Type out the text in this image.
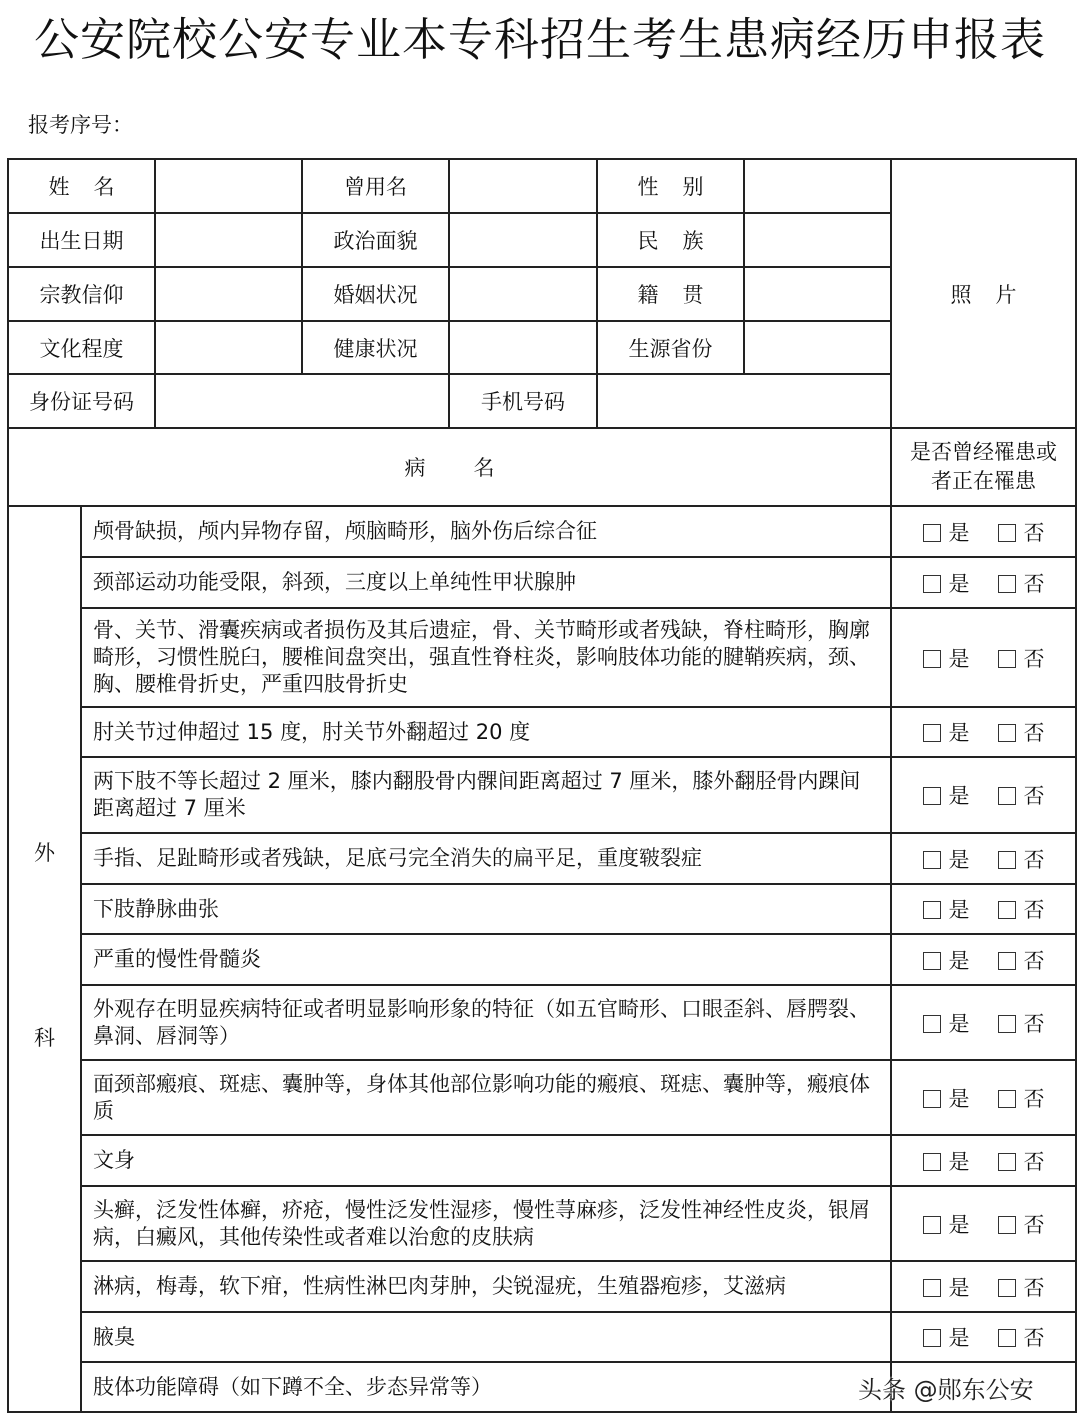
公安院校公安专业本专科招生考生患病经历申报表
报考序号：
姓名		曾用名		性别		照片
出生日期		政治面貌		民族		
宗教信仰		婚姻状况		籍贯		
文化程度		健康状况		生源省份		
身份证号码			手机号码			
病名		是否曾经罹患或者正在罹患

外
科	颅骨缺损，颅内异物存留，颅脑畸形，脑外伤后综合征	是 否
	颈部运动功能受限，斜颈，三度以上单纯性甲状腺肿	是 否
	骨、关节、滑囊疾病或者损伤及其后遗症，骨、关节畸形或者残缺，脊柱畸形，胸廓畸形，习惯性脱臼，腰椎间盘突出，强直性脊柱炎，影响肢体功能的腱鞘疾病，颈、胸、腰椎骨折史，严重四肢骨折史	是 否
	肘关节过伸超过 15 度，肘关节外翻超过 20 度	是 否
	两下肢不等长超过 2 厘米，膝内翻股骨内髁间距离超过 7 厘米，膝外翻胫骨内踝间距离超过 7 厘米	是 否
	手指、足趾畸形或者残缺，足底弓完全消失的扁平足，重度皲裂症	是 否
	下肢静脉曲张	是 否
	严重的慢性骨髓炎	是 否
	外观存在明显疾病特征或者明显影响形象的特征（如五官畸形、口眼歪斜、唇腭裂、鼻洞、唇洞等）	是 否
	面颈部瘢痕、斑痣、囊肿等，身体其他部位影响功能的瘢痕、斑痣、囊肿等，瘢痕体质	是 否
	文身	是 否
	头癣，泛发性体癣，疥疮，慢性泛发性湿疹，慢性荨麻疹，泛发性神经性皮炎，银屑病，白癜风，其他传染性或者难以治愈的皮肤病	是 否
	淋病，梅毒，软下疳，性病性淋巴肉芽肿，尖锐湿疣，生殖器疱疹，艾滋病	是 否
	腋臭	是 否
	肢体功能障碍（如下蹲不全、步态异常等）		头条 @郧东公安
